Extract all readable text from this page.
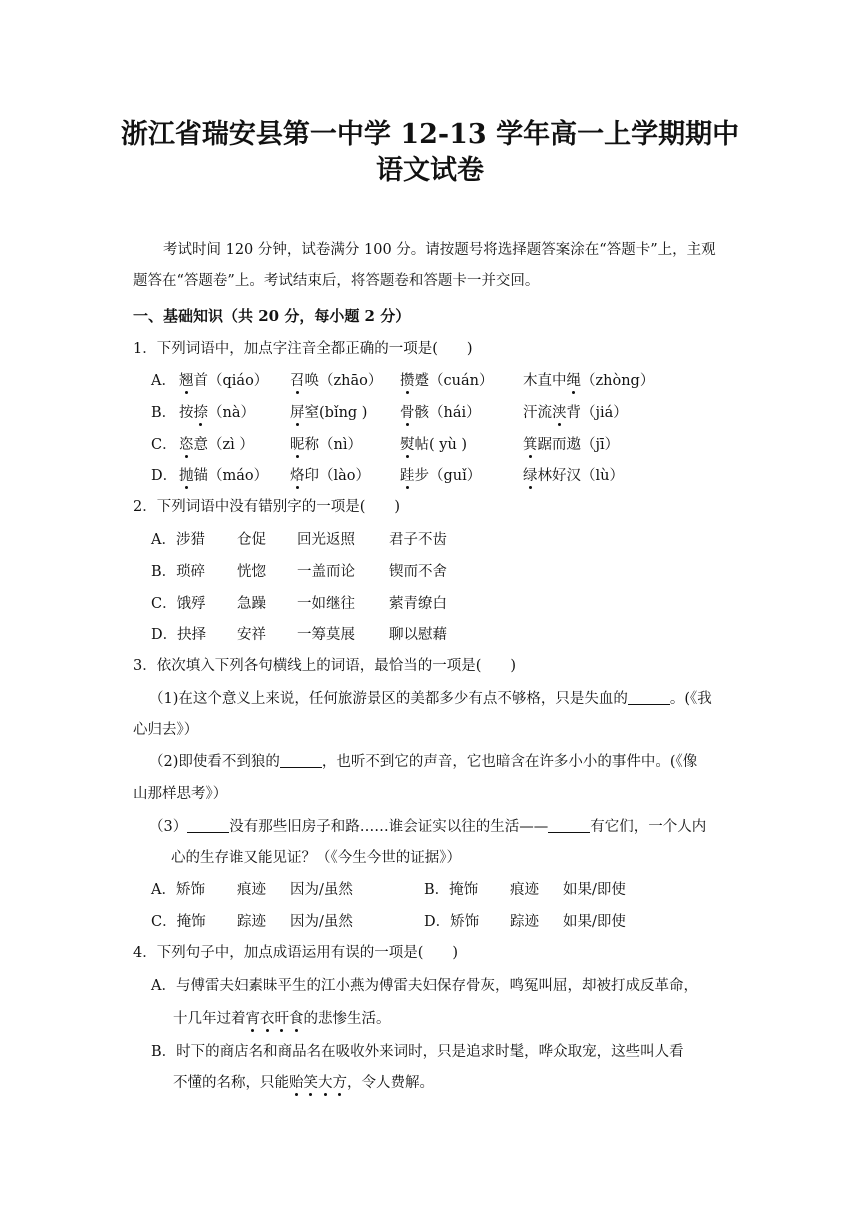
浙江省瑞安县第一中学 12-13 学年高一上学期期中
语文试卷
考试时间 120 分钟，试卷满分 100 分。请按题号将选择题答案涂在“答题卡”上，主观
题答在“答题卷”上。考试结束后，将答题卷和答题卡一并交回。
一、基础知识（共 20 分，每小题 2 分）
1．下列词语中，加点字注音全都正确的一项是(　　)
A． 翘首（qiáo） 召唤（zhāo） 攒蹙（cuán） 木直中绳（zhòng）
B． 按捺（nà） 屏窒(bǐng ) 骨骸（hái）	汗流浃背（jiá）
C． 恣意（zì ） 昵称（nì）	熨帖( yù )	箕踞而遨（jī）
D． 抛锚（máo） 烙印（lào） 跬步（guǐ）	绿林好汉（lù）
2．下列词语中没有错别字的一项是(　　)
A．涉猎 仓促 回光返照 君子不齿
B．琐碎 恍惚 一盖而论 锲而不舍
C．饿殍 急躁 一如继往 萦青缭白
D．抉择 安祥 一筹莫展 聊以慰藉
3．依次填入下列各句横线上的词语，最恰当的一项是(　　)
（1)在这个意义上来说，任何旅游景区的美都多少有点不够格，只是失血的	。(《我
心归去》）
（2)即使看不到狼的	，也听不到它的声音，它也暗含在许多小小的事件中。(《像
山那样思考》）
（3）	没有那些旧房子和路……谁会证实以往的生活——	有它们，一个人内
心的生存谁又能见证？（《今生今世的证据》）
A．矫饰 痕迹 因为/虽然	B．掩饰 痕迹 如果/即使
C．掩饰 踪迹 因为/虽然	D．矫饰 踪迹 如果/即使
4．下列句子中，加点成语运用有误的一项是(　　)
A．与傅雷夫妇素昧平生的江小燕为傅雷夫妇保存骨灰，鸣冤叫屈，却被打成反革命，
十几年过着宵衣旰食的悲惨生活。
B．时下的商店名和商品名在吸收外来词时，只是追求时髦，哗众取宠，这些叫人看
不懂的名称，只能贻笑大方，令人费解。
